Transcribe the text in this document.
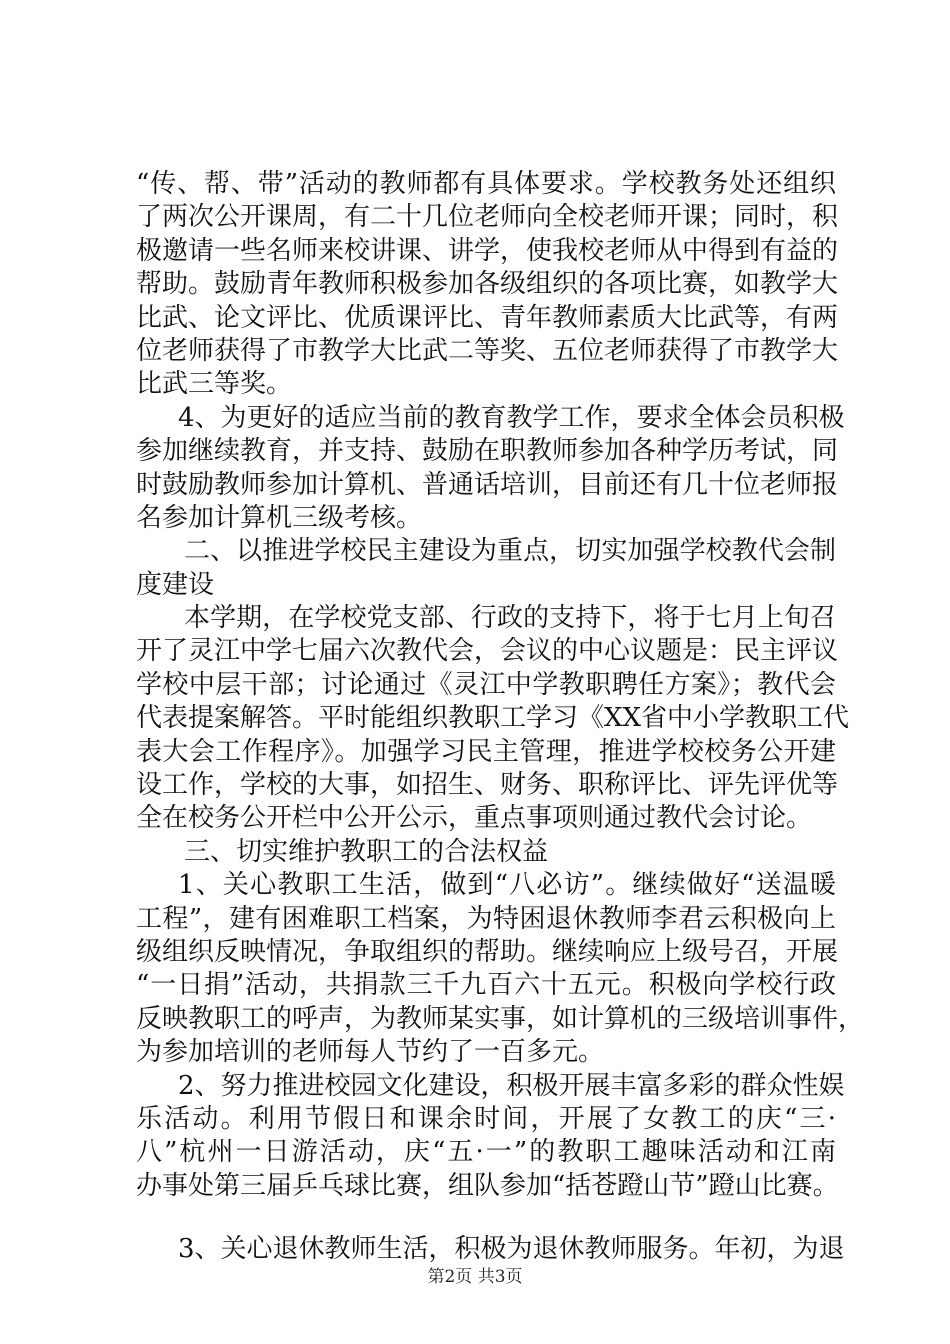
“传、帮、带”活动的教师都有具体要求。学校教务处还组织
了两次公开课周，有二十几位老师向全校老师开课；同时，积
极邀请一些名师来校讲课、讲学，使我校老师从中得到有益的
帮助。鼓励青年教师积极参加各级组织的各项比赛，如教学大
比武、论文评比、优质课评比、青年教师素质大比武等，有两
位老师获得了市教学大比武二等奖、五位老师获得了市教学大
比武三等奖。
4、为更好的适应当前的教育教学工作，要求全体会员积极
参加继续教育，并支持、鼓励在职教师参加各种学历考试，同
时鼓励教师参加计算机、普通话培训，目前还有几十位老师报
名参加计算机三级考核。
二、以推进学校民主建设为重点，切实加强学校教代会制
度建设
本学期，在学校党支部、行政的支持下，将于七月上旬召
开了灵江中学七届六次教代会，会议的中心议题是：民主评议
学校中层干部；讨论通过《灵江中学教职聘任方案》；教代会
代表提案解答。平时能组织教职工学习《XX省中小学教职工代
表大会工作程序》。加强学习民主管理，推进学校校务公开建
设工作，学校的大事，如招生、财务、职称评比、评先评优等
全在校务公开栏中公开公示，重点事项则通过教代会讨论。
三、切实维护教职工的合法权益
1、关心教职工生活，做到“八必访”。继续做好“送温暖
工程”，建有困难职工档案，为特困退休教师李君云积极向上
级组织反映情况，争取组织的帮助。继续响应上级号召，开展
“一日捐”活动，共捐款三千九百六十五元。积极向学校行政
反映教职工的呼声，为教师某实事，如计算机的三级培训事件，
为参加培训的老师每人节约了一百多元。
2、努力推进校园文化建设，积极开展丰富多彩的群众性娱
乐活动。利用节假日和课余时间，开展了女教工的庆“三·
八”杭州一日游活动，庆“五·一”的教职工趣味活动和江南
办事处第三届乒乓球比赛，组队参加“括苍蹬山节”蹬山比赛。
3、关心退休教师生活，积极为退休教师服务。年初，为退
第2页 共3页
